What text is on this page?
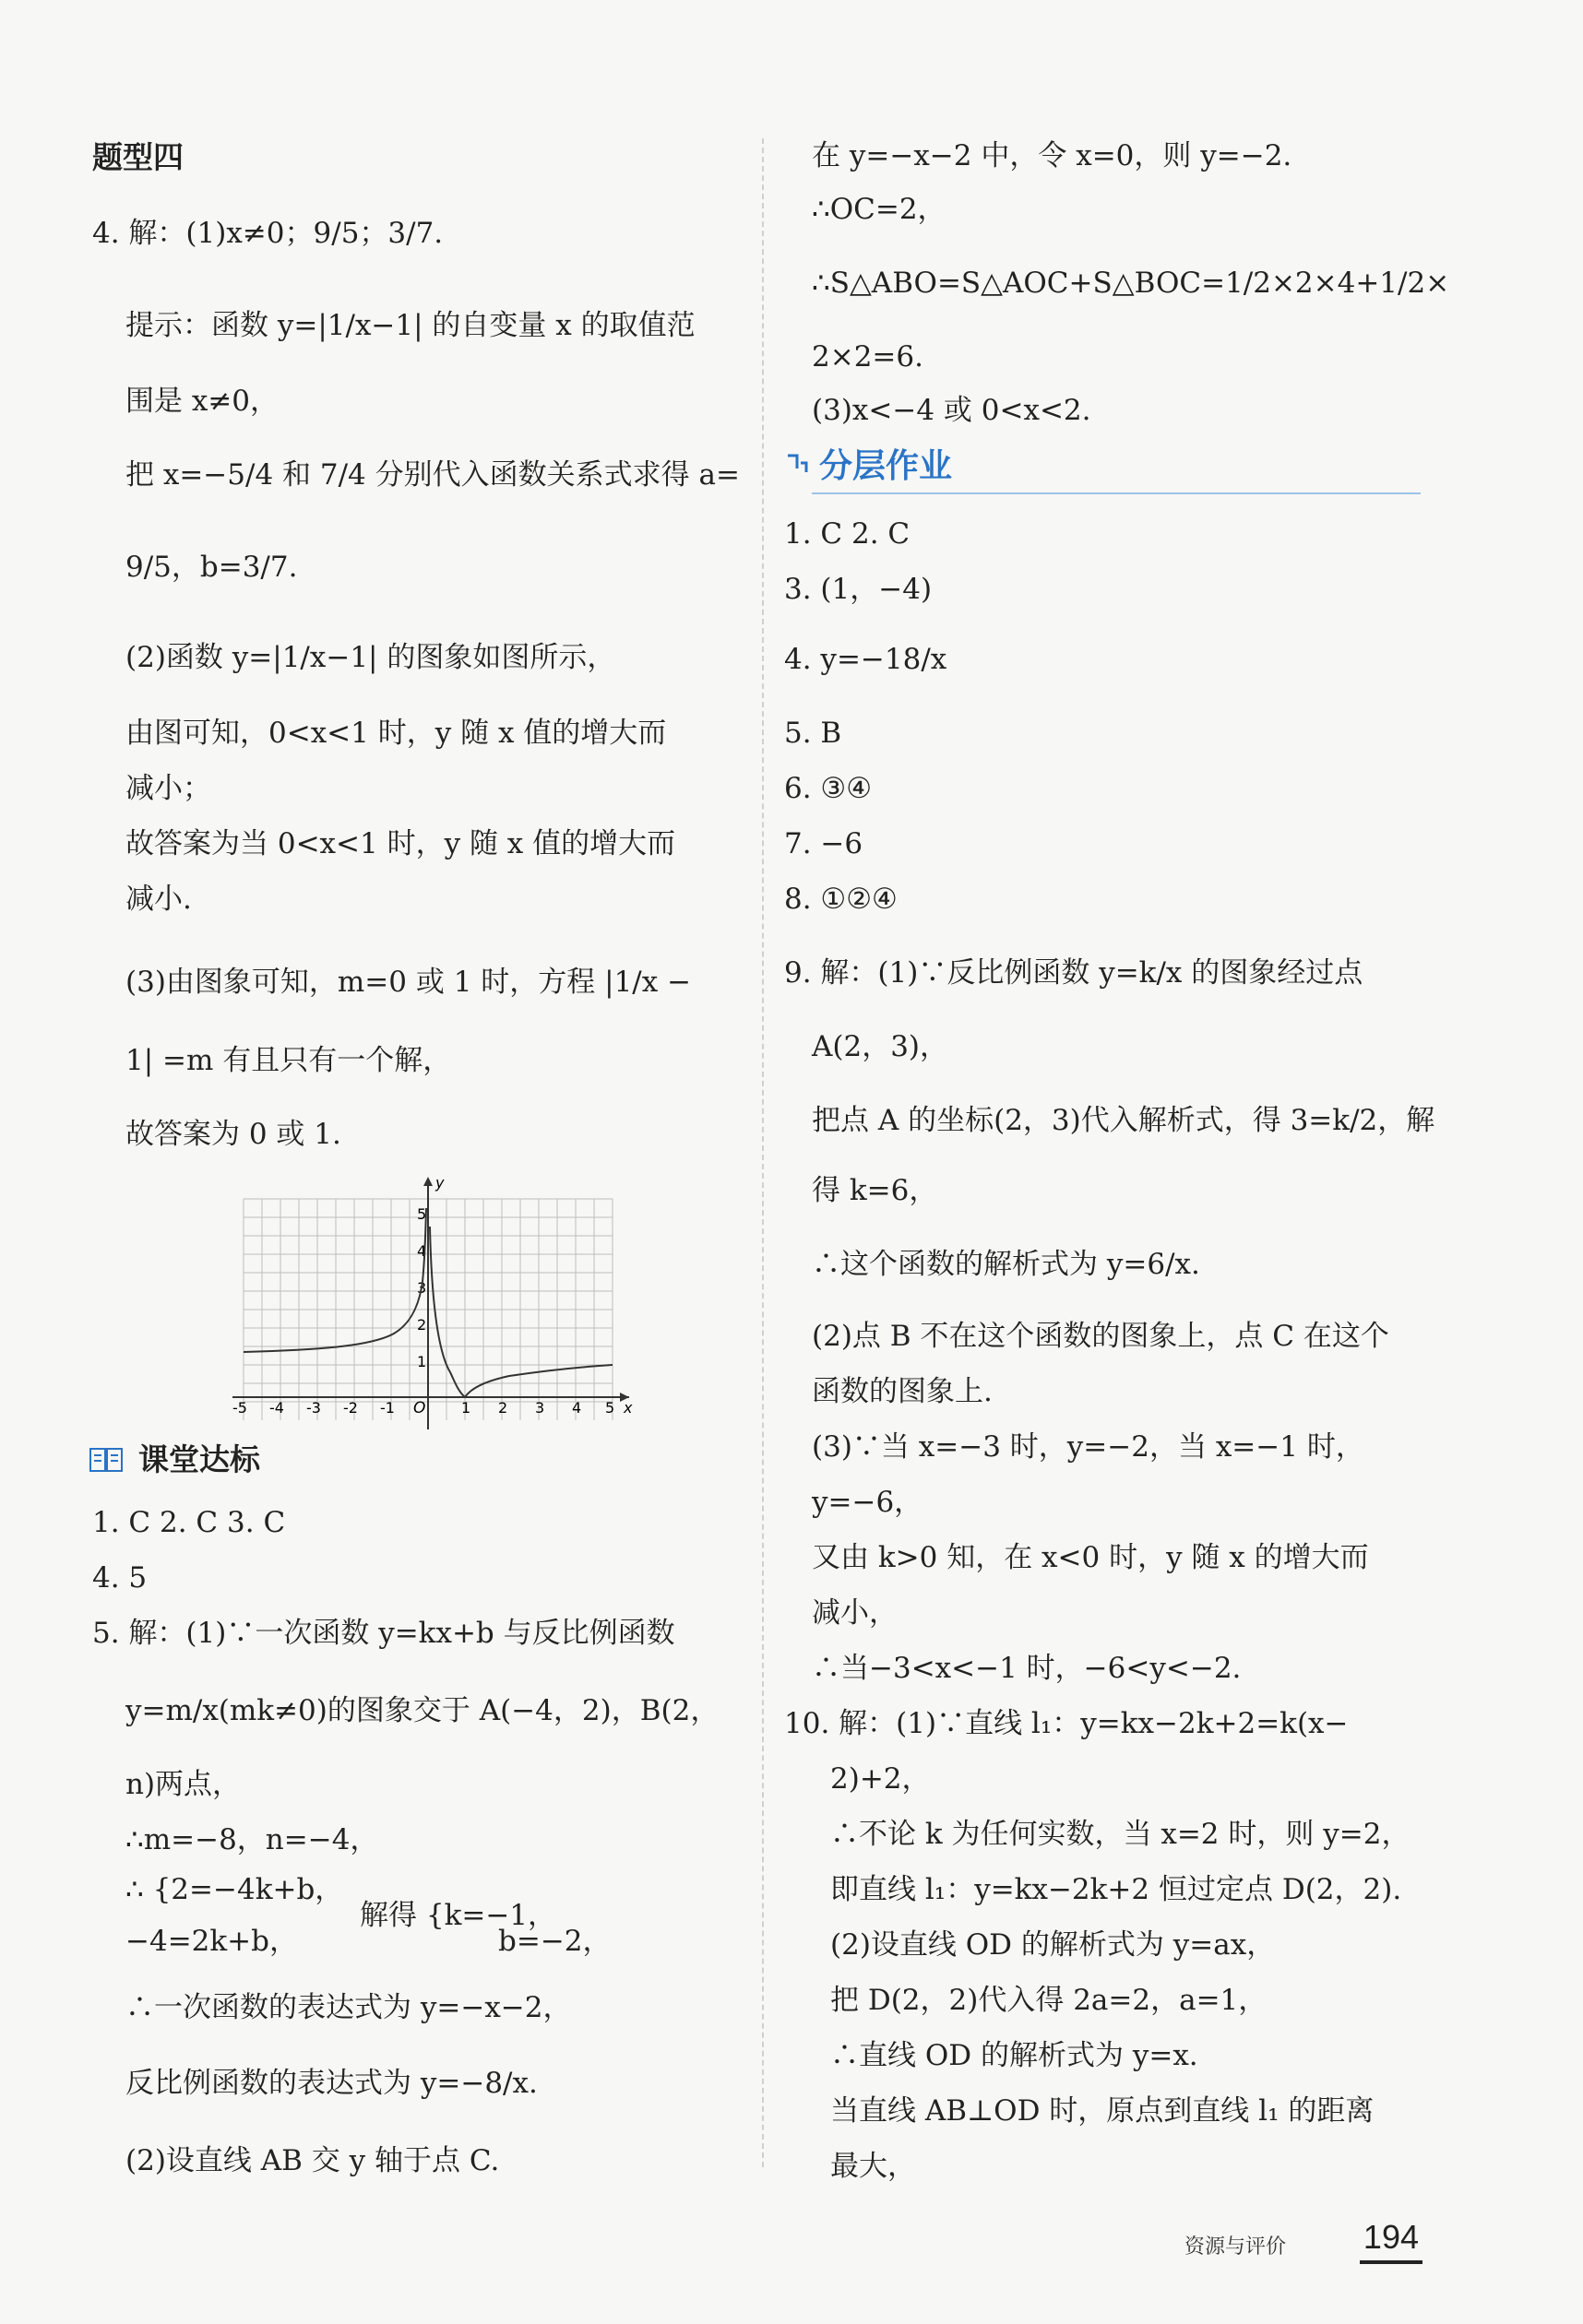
题型四
4. 解：(1)x≠0；9/5；3/7.
提示：函数 y=|1/x−1| 的自变量 x 的取值范
围是 x≠0，
把 x=−5/4 和 7/4 分别代入函数关系式求得 a=
9/5，b=3/7.
(2)函数 y=|1/x−1| 的图象如图所示，
由图可知，0<x<1 时，y 随 x 值的增大而
减小；
故答案为当 0<x<1 时，y 随 x 值的增大而
减小.
(3)由图象可知，m=0 或 1 时，方程 |1/x −
1| =m 有且只有一个解，
故答案为 0 或 1.
x
y
O
-5 -4 -3 -2 -1	1 2 3 4 5
1
2
3
4
5
课堂达标
1. C 2. C 3. C
4. 5
5. 解：(1)∵一次函数 y=kx+b 与反比例函数
y=m/x(mk≠0)的图象交于 A(−4，2)，B(2，
n)两点，
∴m=−8，n=−4，
∴ {2=−4k+b，
−4=2k+b，
解得 {k=−1，
b=−2，
∴一次函数的表达式为 y=−x−2，
反比例函数的表达式为 y=−8/x.
(2)设直线 AB 交 y 轴于点 C.
在 y=−x−2 中，令 x=0，则 y=−2.
∴OC=2，
∴S△ABO=S△AOC+S△BOC=1/2×2×4+1/2×
2×2=6.
(3)x<−4 或 0<x<2.
分层作业
1. C 2. C
3. (1，−4)
4. y=−18/x
5. B
6. ③④
7. −6
8. ①②④
9. 解：(1)∵反比例函数 y=k/x 的图象经过点
A(2，3)，
把点 A 的坐标(2，3)代入解析式，得 3=k/2，解
得 k=6，
∴这个函数的解析式为 y=6/x.
(2)点 B 不在这个函数的图象上，点 C 在这个
函数的图象上.
(3)∵当 x=−3 时，y=−2，当 x=−1 时，
y=−6，
又由 k>0 知，在 x<0 时，y 随 x 的增大而
减小，
∴当−3<x<−1 时，−6<y<−2.
10. 解：(1)∵直线 l₁：y=kx−2k+2=k(x−
2)+2，
∴不论 k 为任何实数，当 x=2 时，则 y=2，
即直线 l₁：y=kx−2k+2 恒过定点 D(2，2).
(2)设直线 OD 的解析式为 y=ax，
把 D(2，2)代入得 2a=2，a=1，
∴直线 OD 的解析式为 y=x.
当直线 AB⊥OD 时，原点到直线 l₁ 的距离
最大，
资源与评价 194
